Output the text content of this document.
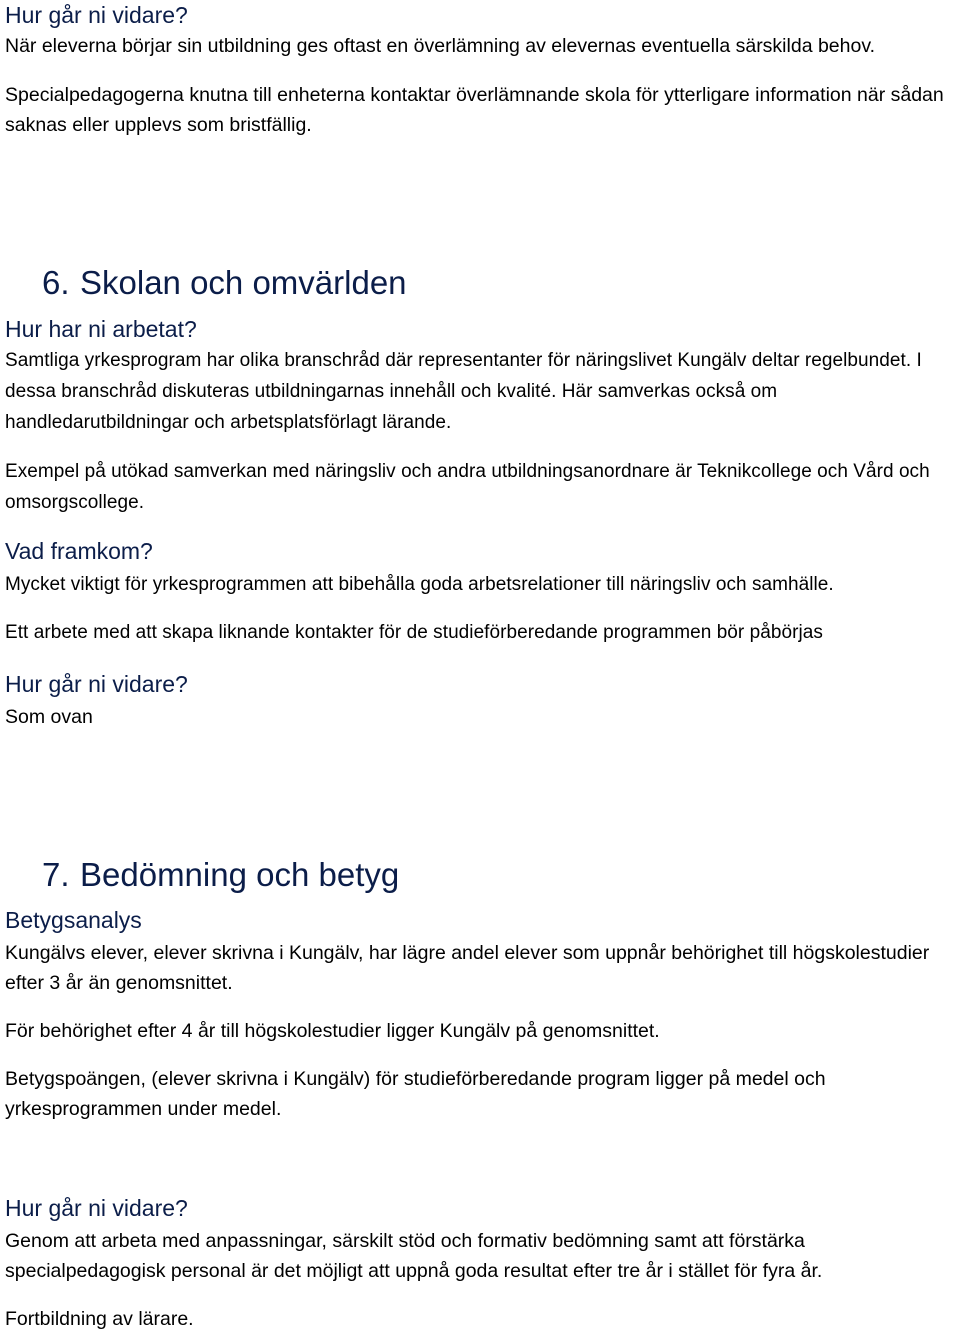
Hur går ni vidare?

När eleverna börjar sin utbildning ges oftast en överlämning av elevernas eventuella särskilda behov.

Specialpedagogerna knutna till enheterna kontaktar överlämnande skola för ytterligare information när sådan saknas eller upplevs som bristfällig.

6. Skolan och omvärlden
Hur har ni arbetat?

Samtliga yrkesprogram har olika branschråd där representanter för näringslivet Kungälv deltar regelbundet. I dessa branschråd diskuteras utbildningarnas innehåll och kvalité. Här samverkas också om handledarutbildningar och arbetsplatsförlagt lärande.

Exempel på utökad samverkan med näringsliv och andra utbildningsanordnare är Teknikcollege och Vård och omsorgscollege.

Vad framkom?

Mycket viktigt för yrkesprogrammen att bibehålla goda arbetsrelationer till näringsliv och samhälle.

Ett arbete med att skapa liknande kontakter för de studieförberedande programmen bör påbörjas

Hur går ni vidare?

Som ovan

7. Bedömning och betyg
Betygsanalys

Kungälvs elever, elever skrivna i Kungälv, har lägre andel elever som uppnår behörighet till högskolestudier efter 3 år än genomsnittet.

För behörighet efter 4 år till högskolestudier ligger Kungälv på genomsnittet.

Betygspoängen, (elever skrivna i Kungälv) för studieförberedande program ligger på medel och yrkesprogrammen under medel.

Hur går ni vidare?

Genom att arbeta med anpassningar, särskilt stöd och formativ bedömning samt att förstärka specialpedagogisk personal är det möjligt att uppnå goda resultat efter tre år i stället för fyra år.

Fortbildning av lärare.
